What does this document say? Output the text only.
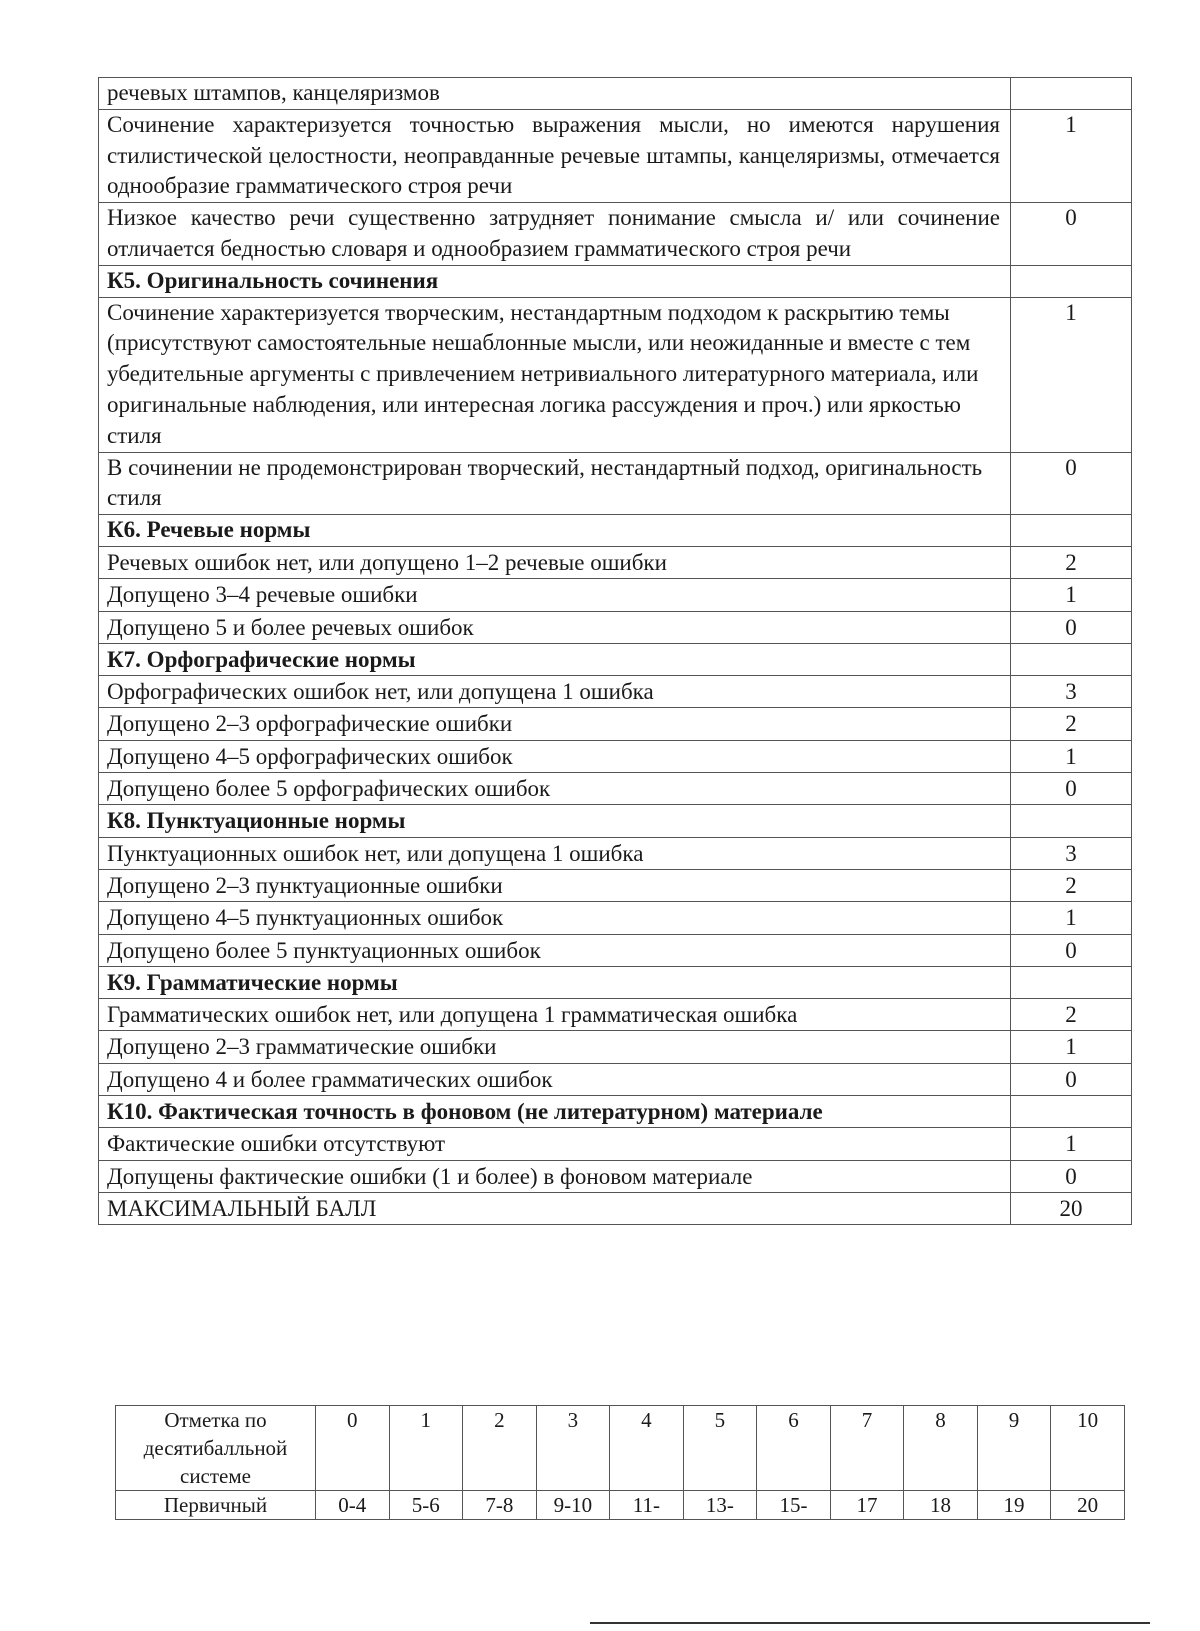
речевых штампов, канцеляризмов	
Сочинение характеризуется точностью выражения мысли, но имеются нарушения стилистической целостности, неоправданные речевые штампы, канцеляризмы, отмечается однообразие грамматического строя речи	1
Низкое качество речи существенно затрудняет понимание смысла и/ или сочинение отличается бедностью словаря и однообразием грамматического строя речи	0
К5. Оригинальность сочинения	
Сочинение характеризуется творческим, нестандартным подходом к раскрытию темы (присутствуют самостоятельные нешаблонные мысли, или неожиданные и вместе с тем убедительные аргументы с привлечением нетривиального литературного материала, или оригинальные наблюдения, или интересная логика рассуждения и проч.) или яркостью стиля	1
В сочинении не продемонстрирован творческий, нестандартный подход, оригинальность стиля	0
К6. Речевые нормы	
Речевых ошибок нет, или допущено 1–2 речевые ошибки	2
Допущено 3–4 речевые ошибки	1
Допущено 5 и более речевых ошибок	0
К7. Орфографические нормы	
Орфографических ошибок нет, или допущена 1 ошибка	3
Допущено 2–3 орфографические ошибки	2
Допущено 4–5 орфографических ошибок	1
Допущено более 5 орфографических ошибок	0
К8. Пунктуационные нормы	
Пунктуационных ошибок нет, или допущена 1 ошибка	3
Допущено 2–3 пунктуационные ошибки	2
Допущено 4–5 пунктуационных ошибок	1
Допущено более 5 пунктуационных ошибок	0
К9. Грамматические нормы	
Грамматических ошибок нет, или допущена 1 грамматическая ошибка	2
Допущено 2–3 грамматические ошибки	1
Допущено 4 и более грамматических ошибок	0
К10. Фактическая точность в фоновом (не литературном) материале	
Фактические ошибки отсутствуют	1
Допущены фактические ошибки (1 и более) в фоновом материале	0
МАКСИМАЛЬНЫЙ БАЛЛ	20
Отметка по десятибалльной системе	0	1	2	3	4	5	6	7	8	9	10
Первичный	0-4	5-6	7-8	9-10	11-	13-	15-	17	18	19	20
